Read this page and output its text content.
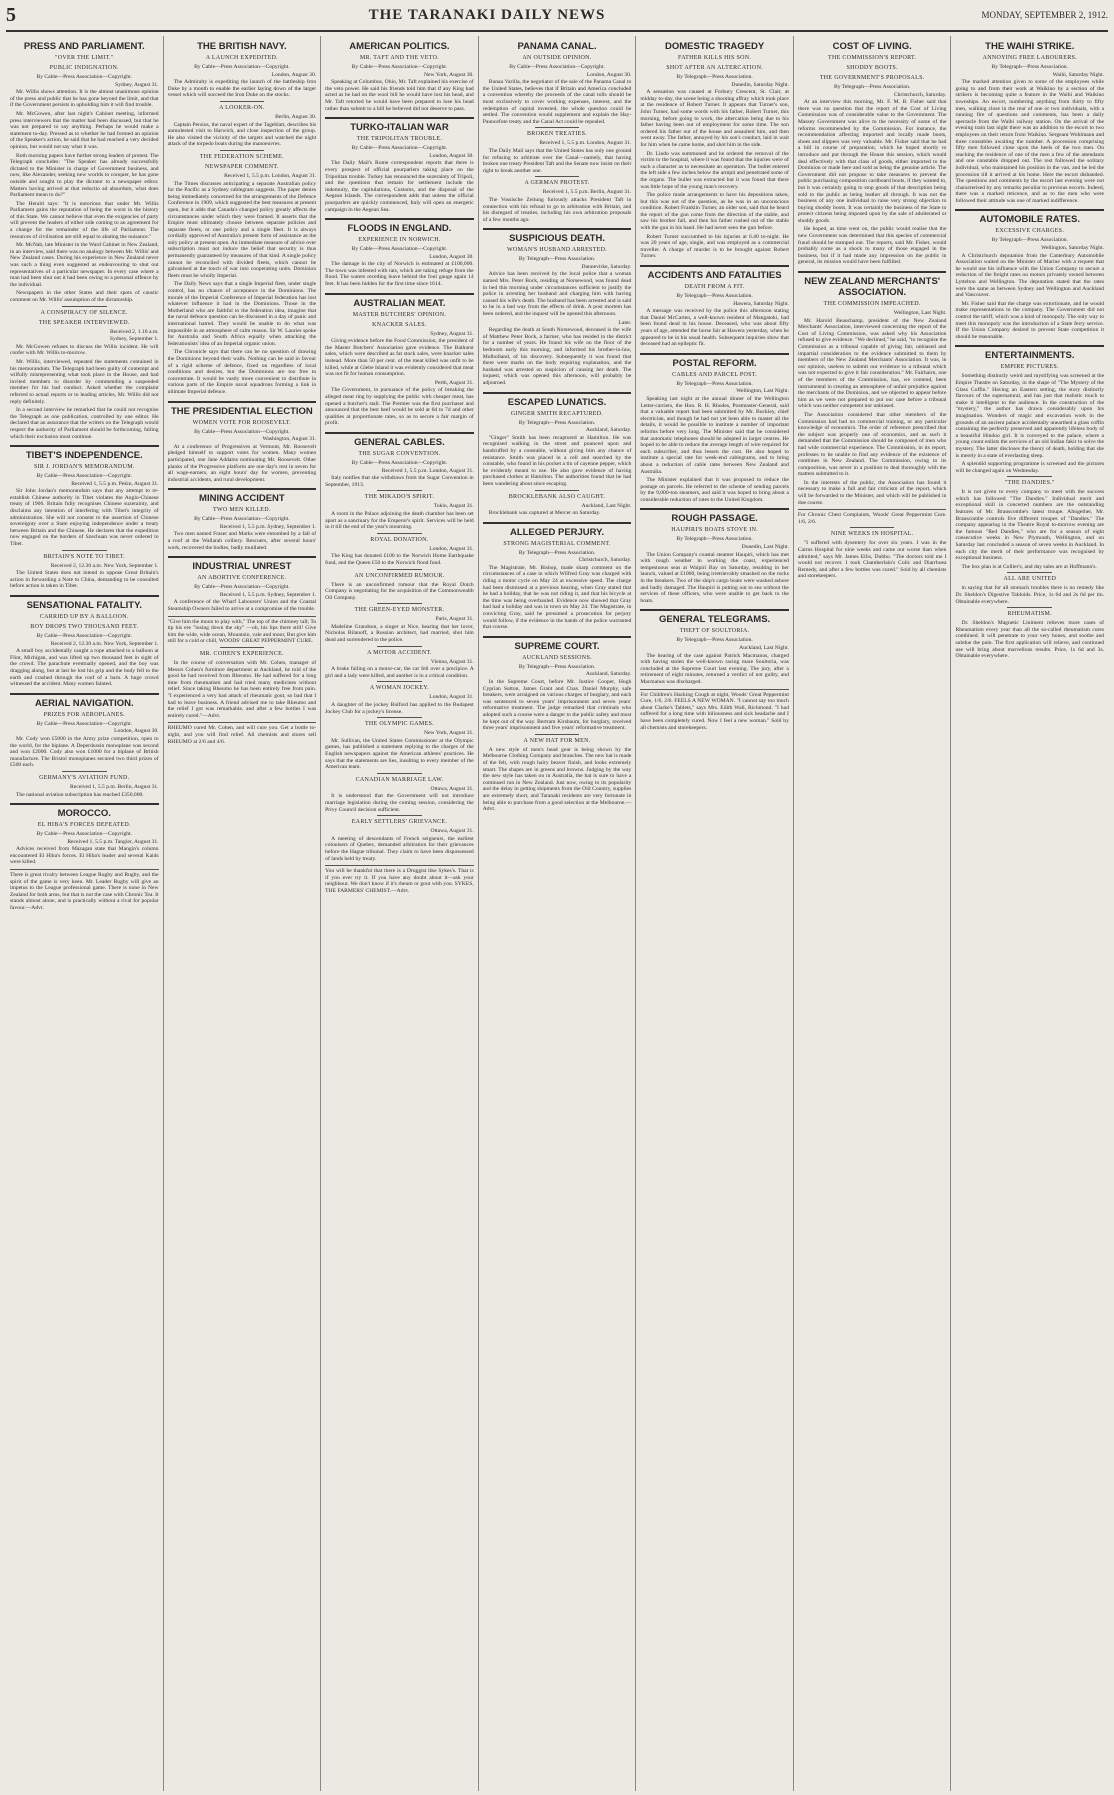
5	THE TARANAKI DAILY NEWS	MONDAY, SEPTEMBER 2, 1912.
PRESS AND PARLIAMENT.
"OVER THE LIMIT."
PUBLIC INDIGNATION.
By Cable—Press Association—Copyright.
Sydney, August 31.
Mr. Willis shows attention. It is the almost unanimous opinion of the press and public that he has gone beyond the limit, and that if the Government persists in upholding him it will find trouble.
Mr. McGowen, after last night's Cabinet meeting, informed press interviewers that the matter had been discussed, but that he was not prepared to say anything. Perhaps he would make a statement to-day. Pressed as to whether he had formed an opinion of the Speaker's action, he said that he had reached a very decided opinion, but would not say what it was.
Both morning papers have further strong leaders of protest. The Telegraph concludes: "The Speaker has already successfully dictated to the Minister in charge of Government business, and now, like Alexander, seeking new worlds to conquer, he has gone outside and sought to play the dictator to a newspaper editor. Matters having arrived at that reductio ad absurdum, what does Parliament mean to do?"
The Herald says: "It is notorious that under Mr. Willis Parliament gains the reputation of being the worst in the history of this State. We cannot believe that even the exigencies of party will prevent the leaders of either side coming to an agreement for a change for the remainder of the life of Parliament. The resources of civilisation are still equal to abating the nuisance."
Mr. McNab, late Minister in the Ward Cabinet in New Zealand, in an interview, said there was no analogy between Mr. Willis' and New Zealand cases. During his experience in New Zealand never was such a thing even suggested as endeavouring to shut out representatives of a particular newspaper. In every case where a man had been shut out it had been owing to a personal offence by the individual.
Newspapers in the other States and their spots of caustic comment on Mr. Willis' assumption of the dictatorship.
A CONSPIRACY OF SILENCE.
THE SPEAKER INTERVIEWED.
Received 2, 1.10 a.m.
Sydney, September 1.
Mr. McGowen refuses to discuss the Willis incident. He will confer with Mr. Willis to-morrow.
Mr. Willis, interviewed, repeated the statements contained in his memorandum. The Telegraph had been guilty of contempt and wilfully misrepresenting what took place in the House, and had invited members to disorder by commending a suspended member for his bad conduct. Asked whether the complaint referred to actual reports or to leading articles, Mr. Willis did not reply definitely.
In a second interview he remarked that he could not recognise the Telegraph as one publication, controlled by one editor. He declared that an assurance that the writers on the Telegraph would respect the authority of Parliament should be forthcoming, failing which their exclusion must continue.
TIBET'S INDEPENDENCE.
SIR J. JORDAN'S MEMORANDUM.
By Cable—Press Association—Copyright.
Received 1, 5.5 p.m. Pekin, August 31.
Sir John Jordan's memorandum says that any attempt to re-establish Chinese authority in Tibet violates the Anglo-Chinese treaty of 1906. Britain fully recognises Chinese suzerainty, and disclaims any intention of interfering with Tibet's integrity of administration. She will not consent to the assertion of Chinese sovereignty over a State enjoying independence under a treaty between Britain and the Chinese. He declares that the expedition now engaged on the borders of Szechuan was never ordered to Tibet.
BRITAIN'S NOTE TO TIBET.
Received 2, 12.30 a.m. New York, September 1.
The United States does not intend to oppose Great Britain's action in forwarding a Note to China, demanding to be consulted before action is taken in Tibet.
SENSATIONAL FATALITY.
CARRIED UP BY A BALLOON.
BOY DROPS TWO THOUSAND FEET.
By Cable—Press Association—Copyright.
Received 2, 12.30 a.m. New York, September 1.
A small boy accidentally caught a rope attached to a balloon at Flint, Michigan, and was lifted up two thousand feet in sight of the crowd. The parachute eventually opened, and the boy was dragging along, but at last he lost his grip and the body fell to the earth and crashed through the roof of a barn. A huge crowd witnessed the accident. Many women fainted.
AERIAL NAVIGATION.
PRIZES FOR AEROPLANES.
By Cable—Press Association—Copyright.
London, August 30.
Mr. Cody won £5000 in the Army prize competition, open to the world, for the biplane. A Deperdussin monoplane was second and won £2000. Cody also won £1000 for a biplane of British manufacture. The Bristol monoplanes secured two third prizes of £500 each.
GERMANY'S AVIATION FUND.
Received 1, 5.5 p.m. Berlin, August 31.
The national aviation subscription has reached £350,000.
MOROCCO.
EL HIBA'S FORCES DEFEATED.
By Cable—Press Association—Copyright.
Received 1, 5.5 p.m. Tangier, August 31.
Advices received from Mazagan state that Mangin's column encountered El Hiba's forces. El Hiba's leader and several Kaids were killed.
There is great rivalry between League Rugby and Rugby, and the spirit of the game is very keen. Mr. Leader Rugby will give an impetus to the League professional game. There is none in New Zealand for both arms, but that is not the case with Chronic Tea. It stands almost alone, and is practically without a rival for popular favour.—Advt.
THE BRITISH NAVY.
A LAUNCH EXPEDITED.
By Cable—Press Association—Copyright.
London, August 30.
The Admiralty is expediting the launch of the battleship Iron Duke by a month to enable the earlier laying down of the larger vessel which will succeed the Iron Duke on the stocks.
A LOOKER-ON.
Berlin, August 30.
Captain Persius, the naval expert of the Tageblatt, describes his unmolested visit to Harwich, and close inspection of the group. He also visited the vicinity of the targets and watched the night attack of the torpedo boats during the manoeuvres.
THE FEDERATION SCHEME.
NEWSPAPER COMMENT.
Received 1, 5.5 p.m. London, August 31.
The Times discusses anticipating a separate Australian policy for the Pacific as a Sydney cablegram suggests. The paper denies being immediately concerned for the arrangements of the Defence Conference in 1909, which suggested the best measures at present open, but it adds that Canada's changed policy greatly affects the circumstances under which they were framed. It asserts that the Empire must ultimately choose between separate policies and separate fleets, or one policy and a single fleet. It is always cordially approved of Australia's present form of assistance as the only policy at present open. An immediate measure of advice over subscription must not induce the belief that security is thus permanently guaranteed by measures of that kind. A single policy cannot be reconciled with divided fleets, which cannot be galvanised at the touch of war into cooperating units. Dominion fleets must be wholly Imperial.
The Daily News says that a single Imperial fleet, under single control, has no chance of acceptance in the Dominions. The morale of the Imperial Conference of Imperial federation has lost whatever influence it had in the Dominions. Those in the Motherland who are faithful to the federation idea, imagine that the naval defence question can be discussed in a day of panic and international hatred. They would be unable to do what was impossible in an atmosphere of calm reason. Sir W. Laurier spoke for Australia and South Africa equally when attacking the federationists' idea of an Imperial organic union.
The Chronicle says that there can be no question of drawing the Dominions beyond their walls. Nothing can be said in favour of a rigid scheme of defence, fixed on regardless of local conditions and desires, but the Dominions are too free to concentrate. It would be vastly more convenient to distribute in various parts of the Empire naval squadrons forming a link in ultimate Imperial defence.
THE PRESIDENTIAL ELECTION
WOMEN VOTE FOR ROOSEVELT.
By Cable—Press Association—Copyright.
Washington, August 31.
At a conference of Progressives at Vermont, Mr. Roosevelt pledged himself to support votes for women. Many women participated, one Jane Addams nominating Mr. Roosevelt. Other planks of the Progressive platform are one day's rest in seven for all wage-earners, an eight hours' day for women, preventing industrial accidents, and rural development.
MINING ACCIDENT
TWO MEN KILLED.
By Cable—Press Association—Copyright.
Received 1, 5.5 p.m. Sydney, September 1.
Two men named Fraser and Marks were entombed by a fall of a roof at the Wallarah colliery. Rescuers, after several hours' work, recovered the bodies, badly mutilated.
INDUSTRIAL UNREST
AN ABORTIVE CONFERENCE.
By Cable—Press Association—Copyright.
Received 1, 5.5 p.m. Sydney, September 1.
A conference of the Wharf Labourers' Union and the Coastal Steamship Owners failed to arrive at a compromise of the trouble.
"Give him the moon to play with," The top of the chimney tall; To tip his ere "losing down the sky" —oh, his lips there still! Give him the wide, wide ocean, Mountain, vale and moor, But give him still for a cold or chill, WOODS' GREAT PEPPERMINT CURE.
MR. COHEN'S EXPERIENCE.
In the course of conversation with Mr. Cohen, manager of Messrs Cohen's furniture department at Auckland, he told of the good he had received from Rheumo. He had suffered for a long time from rheumatism and had tried many medicines without relief. Since taking Rheumo he has been entirely free from pain. "I experienced a very bad attack of rheumatic gout, so bad that I had to leave business. A friend advised me to take Rheumo and the relief I got was remarkable, and after a few bottles I was entirely cured."—Advt.
RHEUMO cured Mr. Cohen, and will cure you. Get a bottle to-night, and you will find relief. All chemists and stores sell RHEUMO at 2/6 and 4/6.
AMERICAN POLITICS.
MR. TAFT AND THE VETO.
By Cable—Press Association—Copyright.
New York, August 30.
Speaking at Columbus, Ohio, Mr. Taft explained his exercise of the veto power. He said his friends told him that if any King had acted as he had on the wool bill he would have lost his head, and Mr. Taft retorted he would have been prepared to lose his head rather than submit to a bill he believed did not deserve to pass.
TURKO-ITALIAN WAR
THE TRIPOLITAN TROUBLE.
By Cable—Press Association—Copyright.
London, August 30.
The Daily Mail's Rome correspondent reports that there is every prospect of official pourparlers taking place on the Tripolitan trouble. Turkey has renounced the suzerainty of Tripoli, and the questions that remain for settlement include the indemnity, the capitulations, Customs, and the disposal of the Aegean Islands. The correspondent adds that unless the official pourparlers are quickly commenced, Italy will open an energetic campaign in the Aegean Sea.
FLOODS IN ENGLAND.
EXPERIENCE IN NORWICH.
By Cable—Press Association—Copyright.
London, August 30.
The damage in the city of Norwich is estimated at £100,000. The town was infested with rats, which are taking refuge from the flood. The waters receding leave behind the foul gauge again 14 feet. It has been hidden for the first time since 1614.
AUSTRALIAN MEAT.
MASTER BUTCHERS' OPINION.
KNACKER SALES.
Sydney, August 31.
Giving evidence before the Food Commission, the president of the Master Butchers' Association gave evidence. The Bathurst sales, which were described as fat stock sales, were knacker sales instead. More than 50 per cent. of the meat killed was unfit to be killed, while at Glebe Island it was evidently considered that meat was not fit for human consumption.
Perth, August 31.
The Government, in pursuance of the policy of breaking the alleged meat ring by supplying the public with cheaper meat, has opened a butcher's stall. The Premier was the first purchaser and announced that the best beef would be sold at 6d to 7d and other qualities at proportionate rates, so as to secure a fair margin of profit.
GENERAL CABLES.
THE SUGAR CONVENTION.
By Cable—Press Association—Copyright.
Received 1, 5.5 p.m. London, August 31.
Italy notifies that she withdraws from the Sugar Convention in September, 1913.
THE MIKADO'S SPIRIT.
Tokio, August 31.
A room in the Palace adjoining the death chamber has been set apart as a sanctuary for the Emperor's spirit. Services will be held in it till the end of the year's mourning.
ROYAL DONATION.
London, August 31.
The King has donated £100 to the Norwich Home Earthquake fund, and the Queen £50 to the Norwich flood fund.
AN UNCONFIRMED RUMOUR.
There is an unconfirmed rumour that the Royal Dutch Company is negotiating for the acquisition of the Commonwealth Oil Company.
THE GREEN-EYED MONSTER.
Paris, August 31.
Madeline Grandson, a singer at Nice, hearing that her lover, Nicholas Bilanoff, a Russian architect, had married, shot him dead and surrendered to the police.
A MOTOR ACCIDENT.
Vienna, August 31.
A brake failing on a motor-car, the car fell over a precipice. A girl and a lady were killed, and another is in a critical condition.
A WOMAN JOCKEY.
London, August 31.
A daughter of the jockey Bulford has applied to the Budapest Jockey Club for a jockey's license.
THE OLYMPIC GAMES.
New York, August 31.
Mr. Sullivan, the United States Commissioner at the Olympic games, has published a statement replying to the charges of the English newspapers against the American athletes' practices. He says that the statements are lies, insulting to every member of the American team.
CANADIAN MARRIAGE LAW.
Ottawa, August 31.
It is understood that the Government will not introduce marriage legislation during the coming session, considering the Privy Council decision sufficient.
EARLY SETTLERS' GRIEVANCE.
Ottawa, August 31.
A meeting of descendants of French seigneurs, the earliest colonisers of Quebec, demanded arbitration for their grievances before the Hague tribunal. They claim to have been dispossessed of lands held by treaty.
You will be thankful that there is a Druggist like Sykes's. That is if you ever try it. If you have any doubt about it—ask your neighbour. We don't know if it's rheum or gout with you. SYKES, THE FARMERS' CHEMIST.—Advt.
PANAMA CANAL.
AN OUTSIDE OPINION.
By Cable—Press Association—Copyright.
London, August 30.
Bunau Varilla, the negotiator of the sale of the Panama Canal to the United States, believes that if Britain and America concluded a convention whereby the proceeds of the canal tolls should be most exclusively to cover working expenses, interest, and the redemption of capital invested, the whole question could be settled. The convention would supplement and explain the Hay-Pauncefote treaty and the Canal Act could be repealed.
BROKEN TREATIES.
Received 1, 5.5 p.m. London, August 31.
The Daily Mail says that the United States has only one ground for refusing to arbitrate over the Canal—namely, that having broken one treaty President Taft and the Senate now insist on their right to break another one.
A GERMAN PROTEST.
Received 1, 5.5 p.m. Berlin, August 31.
The Vossische Zeitung furiously attacks President Taft in connection with his refusal to go to arbitration with Britain, and his disregard of treaties, including his own arbitration proposals of a few months ago.
SUSPICIOUS DEATH.
WOMAN'S HUSBAND ARRESTED.
By Telegraph—Press Association.
Dannevirke, Saturday.
Advice has been received by the local police that a woman named Mrs. Peter Bock, residing at Norsewood, was found dead in bed this morning under circumstances sufficient to justify the police in arresting her husband and charging him with having caused his wife's death. The husband has been arrested and is said to be in a bad way from the effects of drink. A post mortem has been ordered, and the inquest will be opened this afternoon.
Later.
Regarding the death at South Norsewood, deceased is the wife of Matthew Peter Bock, a farmer, who has resided in the district for a number of years. He found his wife on the floor of the bedroom early this morning, and informed his brother-in-law, Mulholland, of his discovery. Subsequently it was found that there were marks on the body requiring explanation, and the husband was arrested on suspicion of causing her death. The inquest, which was opened this afternoon, will probably be adjourned.
ESCAPED LUNATICS.
GINGER SMITH RECAPTURED.
By Telegraph—Press Association.
Auckland, Saturday.
"Ginger" Smith has been recaptured at Hamilton. He was recognised walking in the street and pounced upon and handcuffed by a constable, without giving him any chance of resistance. Smith was placed in a cell and searched by the constable, who found in his pocket a tin of cayenne pepper, which he evidently meant to use. He also gave evidence of having purchased clothes at Hamilton. The authorities found that he had been wandering about since escaping.
BROCKLEBANK ALSO CAUGHT.
Auckland, Last Night.
Brocklebank was captured at Mercer on Saturday.
ALLEGED PERJURY.
STRONG MAGISTERIAL COMMENT.
By Telegraph—Press Association.
Christchurch, Saturday.
The Magistrate, Mr. Bishop, made sharp comment on the circumstances of a case in which Wilfred Gray was charged with riding a motor cycle on May 24 at excessive speed. The charge had been dismissed at a previous hearing, when Gray stated that he had a holiday, that he was not riding it, and that his bicycle at the time was being overhauled. Evidence now showed that Gray had had a holiday and was in town on May 24. The Magistrate, in convicting Gray, said he presumed a prosecution for perjury would follow, if the evidence in the hands of the police warranted that course.
SUPREME COURT.
AUCKLAND SESSIONS.
By Telegraph—Press Association.
Auckland, Saturday.
In the Supreme Court, before Mr. Justice Cooper, Hugh Cyprian Sutton, James Grant and Chas. Daniel Murphy, safe breakers, were arraigned on various charges of burglary, and each was sentenced to seven years' imprisonment and seven years' reformative treatment. The judge remarked that criminals who adopted such a course were a danger to the public safety and must be kept out of the way. Bertram Kirsbaum, for burglary, received three years' imprisonment and five years' reformative treatment.
A NEW HAT FOR MEN.
A new style of men's head gear is being shown by the Melbourne Clothing Company and branches. The new hat is made of the felt, with rough hairy beaver finish, and looks extremely smart. The shapes are in greens and browns. Judging by the way the new style has taken on in Australia, the hat is sure to have a continued run in New Zealand. Just now, owing to its popularity and the delay in getting shipments from the Old Country, supplies are extremely short, and Taranaki residents are very fortunate in being able to purchase from a good selection at the Melbourne.—Advt.
DOMESTIC TRAGEDY
FATHER KILLS HIS SON.
SHOT AFTER AN ALTERCATION.
By Telegraph—Press Association.
Dunedin, Saturday Night.
A sensation was caused at Forbury Crescent, St. Clair, at midday to-day, the scene being a shooting affray which took place at the residence of Robert Turner. It appears that Turner's son, John Turner, had some words with his father, Robert Turner, this morning, before going to work, the altercation being due to his father having been out of employment for some time. The son ordered his father out of the house and assaulted him, and then went away. The father, annoyed by his son's conduct, laid in wait for him when he came home, and shot him in the side.
Dr. Lindo was summoned and he ordered the removal of the victim to the hospital, where it was found that the injuries were of such a character as to necessitate an operation. The bullet entered the left side a few inches below the armpit and penetrated some of the organs. The bullet was extracted but it was found that there was little hope of the young man's recovery.
The police made arrangements to have his depositions taken, but this was not of the question, as he was in an unconscious condition. Robert Franklin Turner, an older son, said that he heard the report of the gun come from the direction of the stable, and saw his brother fall, and then his father rushed out of the stable with the gun in his hand. He had never seen the gun before.
Robert Turner succumbed to his injuries at 6.40 to-night. He was 20 years of age, single, and was employed as a commercial traveller. A charge of murder is to be brought against Robert Turner.
ACCIDENTS AND FATALITIES
DEATH FROM A FIT.
By Telegraph—Press Association.
Hawera, Saturday Night.
A message was received by the police this afternoon stating that Daniel McCarten, a well-known resident of Mangatoki, had been found dead in his house. Deceased, who was about fifty years of age, attended the horse fair at Hawera yesterday, when he appeared to be in his usual health. Subsequent inquiries show that deceased had an epileptic fit.
POSTAL REFORM.
CABLES AND PARCEL POST.
By Telegraph—Press Association.
Wellington, Last Night.
Speaking last night at the annual dinner of the Wellington Letter-carriers, the Hon. R. H. Rhodes, Postmaster-General, said that a valuable report had been submitted by Mr. Buckley, chief electrician, and though he had not yet been able to master all the details, it would be possible to institute a number of important reforms before very long. The Minister said that he considered that automatic telephones should be adopted in larger centres. He hoped to be able to reduce the average length of wire required for each subscriber, and thus lessen the cost. He also hoped to institute a special rate for week-end cablegrams, and to bring about a reduction of cable rates between New Zealand and Australia.
The Minister explained that it was proposed to reduce the postage on parcels. He referred to the scheme of sending parcels by the 9,000-ton steamers, and said it was hoped to bring about a considerable reduction of rates to the United Kingdom.
ROUGH PASSAGE.
HAUPIRI'S BOATS STOVE IN.
By Telegraph—Press Association.
Dunedin, Last Night.
The Union Company's coastal steamer Haupiri, which has met with rough weather in working the coast, experienced tempestuous seas at Waipiri Bay on Saturday, resulting in her launch, valued at £1000, being irretrievably smashed on the rocks in the breakers. Two of the ship's cargo boats were washed ashore and badly damaged. The Haupiri is putting out to sea without the services of these officers, who were unable to get back to the boats.
GENERAL TELEGRAMS.
THEFT OF SOULTORIA.
By Telegraph—Press Association.
Auckland, Last Night.
The hearing of the case against Patrick Macmanus, charged with having stolen the well-known racing mare Soultoria, was concluded at the Supreme Court last evening. The jury, after a retirement of eight minutes, returned a verdict of not guilty, and Macmanus was discharged.
For Children's Hacking Cough at night, Woods' Great Peppermint Cure, 1/6, 2/6. FEELS A NEW WOMAN. "I cannot say too much about Clarke's Tablets," says Mrs. Edith Wall, Richmond. "I had suffered for a long time with biliousness and sick headache and I have been completely cured. Now I feel a new woman." Sold by all chemists and storekeepers.
COST OF LIVING.
THE COMMISSION'S REPORT.
SHODDY BOOTS.
THE GOVERNMENT'S PROPOSALS.
By Telegraph—Press Association.
Christchurch, Saturday.
At an interview this morning, Mr. F. M. B. Fisher said that there was no question that the report of the Cost of Living Commission was of considerable value to the Government. The Massey Government was alive to the necessity of some of the reforms recommended by the Commission. For instance, the recommendation affecting imported and locally made boots, shoes and slippers was very valuable. Mr. Fisher said that he had a bill in course of preparation, which he hoped shortly to introduce and put through the House this session, which would deal effectively with that class of goods, either imported to the Dominion or made here and sold as being the genuine article. The Government did not propose to take measures to prevent the public purchasing composition cardboard boots, if they wanted to, but it was certainly going to stop goods of that description being sold to the public as being leather all through. It was not the business of any one individual to raise very strong objection to buying shoddy boots. It was certainly the business of the State to protect citizens being imposed upon by the sale of adulterated or shoddy goods.
He hoped, as time went on, the public would realise that the new Government was determined that this species of commercial fraud should be stamped out. The reports, said Mr. Fisher, would probably come as a shock to many of those engaged in the business, but if it had made any impression on the public in general, its mission would have been fulfilled.
NEW ZEALAND MERCHANTS' ASSOCIATION.
THE COMMISSION IMPEACHED.
Wellington, Last Night.
Mr. Harold Beauchamp, president of the New Zealand Merchants' Association, interviewed concerning the report of the Cost of Living Commission, was asked why his Association refused to give evidence. "We declined," he said, "to recognise the Commission as a tribunal capable of giving fair, unbiased and impartial consideration to the evidence submitted to them by members of the New Zealand Merchants' Association. It was, in our opinion, useless to submit our evidence to a tribunal which was not expected to give it fair consideration." Mr. Fairbairn, one of the members of the Commission, has, we contend, been instrumental in creating an atmosphere of unfair prejudice against the merchants of the Dominion, and we objected to appear before him as we were not prepared to put our case before a tribunal which was neither competent nor unbiased.
The Association considered that other members of the Commission had had no commercial training, or any particular knowledge of economics. The order of reference prescribed that the subject was properly one of economics, and as such it demanded that the Commission should be composed of men who had wide commercial experience. The Commission, in its report, professes to be unable to find any evidence of the existence of combines in New Zealand. The Commission, owing to its composition, was never in a position to deal thoroughly with the matters submitted to it.
In the interests of the public, the Association has found it necessary to make a full and fair criticism of the report, which will be forwarded to the Minister, and which will be published in due course.
For Chronic Chest Complaints, Woods' Great Peppermint Cure. 1/6, 2/6.
NINE WEEKS IN HOSPITAL.
"I suffered with dysentery for over six years. I was in the Cairns Hospital for nine weeks and came out worse than when admitted," says Mr. James Ellis, Dubbo. "The doctors told me I would not recover. I took Chamberlain's Colic and Diarrhoea Remedy, and after a few bottles was cured." Sold by all chemists and storekeepers.
THE WAIHI STRIKE.
ANNOYING FREE LABOURERS.
By Telegraph—Press Association.
Waihi, Saturday Night.
The marked attention given to some of the employees while going to and from their work at Waikino by a section of the strikers is becoming quite a feature in the Waihi and Waikino townships. An escort, numbering anything from thirty to fifty men, walking close in the rear of one or two individuals, with a running fire of questions and comments, has been a daily spectacle from the Waihi railway station. On the arrival of the evening train last night there was an addition to the escort to two employees on their return from Waikino. Sergeant Wohlmann and three constables awaiting the number. A procession comprising fifty men followed close upon the heels of the two men. On reaching the residence of one of the men a few of the attendants and one constable dropped out. The rest followed the solitary individual, who maintained his position in the van, and he led the procession till it arrived at his home. Here the escort disbanded. The questions and comments by the escort last evening were not characterised by any remarks peculiar to previous escorts. Indeed, there was a marked reticence, and as to the men who were followed their attitude was one of marked indifference.
AUTOMOBILE RATES.
EXCESSIVE CHARGES.
By Telegraph—Press Association.
Wellington, Saturday Night.
A Christchurch deputation from the Canterbury Automobile Association waited on the Minister of Marine with a request that he would use his influence with the Union Company to secure a reduction of the freight rates on motors privately owned between Lyttelton and Wellington. The deputation stated that the rates were the same as between Sydney and Wellington and Auckland and Vancouver.
Mr. Fisher said that the charge was extortionate, and he would make representations to the company. The Government did not control the tariff, which was a kind of monopoly. The only way to meet this monopoly was the introduction of a State ferry service. If the Union Company desired to prevent State competition it should be reasonable.
ENTERTAINMENTS.
EMPIRE PICTURES.
Something distinctly weird and mystifying was screened at the Empire Theatre on Saturday, in the shape of "The Mystery of the Glass Coffin." Having an Eastern setting, the story distinctly flavours of the supernatural, and has just that realistic touch to make it intelligent to the audience. In the construction of the "mystery," the author has drawn considerably upon his imagination. Wonders of magic and excavation work in the grounds of an ancient palace accidentally unearthed a glass coffin containing the perfectly preserved and apparently lifeless body of a beautiful Hindoo girl. It is conveyed to the palace, where a young count enlists the services of an old Indian fakir to solve the mystery. The latter discloses the theory of death, holding that she is merely in a state of everlasting sleep.
A splendid supporting programme is screened and the pictures will be changed again on Wednesday.
"THE DANDIES."
It is not given to every company to meet with the success which has followed "The Dandies." Individual merit and exceptional skill in concerted numbers are the outstanding features of Mr. Branscombe's latest troupe. Altogether, Mr. Branscombe controls five different troupes of "Dandies." The company appearing in the Theatre Royal to-morrow evening are the famous "Red Dandies," who are for a season of eight consecutive weeks in New Plymouth, Wellington, and on Saturday last concluded a season of seven weeks in Auckland. In each city the merit of their performance was recognised by exceptional business.
The box plan is at Collier's, and day sales are at Hoffmann's.
ALL ARE UNITED
in saying that for all stomach troubles there is no remedy like Dr. Sheldon's Digestive Tabloids. Price, 1s 6d and 2s 6d per tin. Obtainable everywhere.
RHEUMATISM.
Dr. Sheldon's Magnetic Liniment relieves more cases of Rheumatism every year than all the so-called rheumatism cures combined. It will penetrate to your very bones, and soothe and subdue the pain. The first application will relieve, and continued use will bring about marvellous results. Price, 1s 6d and 3s. Obtainable everywhere.
